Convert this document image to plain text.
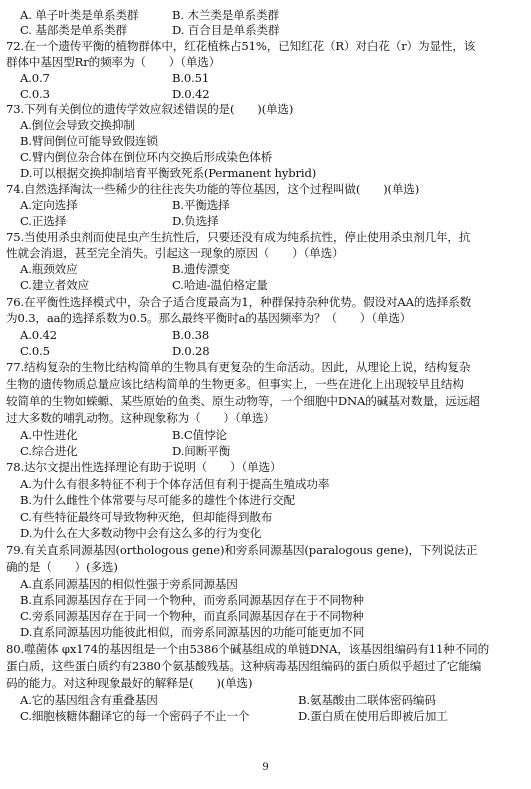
A. 单子叶类是单系类群	B. 木兰类是单系类群
C. 基部类是单系类群	D. 百合目是单系类群
72.在一个遗传平衡的植物群体中，红花植株占51%，已知红花（R）对白花（r）为显性，该
群体中基因型Rr的频率为（　　）（单选）
A.0.7	B.0.51
C.0.3	D.0.42
73.下列有关倒位的遗传学效应叙述错误的是(　　)(单选)
A.倒位会导致交换抑制
B.臂间倒位可能导致假连锁
C.臂内倒位杂合体在倒位环内交换后形成染色体桥
D.可以根据交换抑制培育平衡致死系(Permanent hybrid)
74.自然选择淘汰一些稀少的往往丧失功能的等位基因，这个过程叫做(　　)(单选)
A.定向选择	B.平衡选择
C.正选择	D.负选择
75.当使用杀虫剂而使昆虫产生抗性后，只要还没有成为纯系抗性，停止使用杀虫剂几年，抗
性就会消退，甚至完全消失。引起这一现象的原因（　　）（单选）
A.瓶颈效应	B.遗传漂变
C.建立者效应	C.哈迪-温伯格定量
76.在平衡性选择模式中，杂合子适合度最高为1，种群保持杂种优势。假设对AA的选择系数
为0.3，aa的选择系数为0.5。那么最终平衡时a的基因频率为？（　　）（单选）
A.0.42	B.0.38
C.0.5	D.0.28
77.结构复杂的生物比结构简单的生物具有更复杂的生命活动。因此，从理论上说，结构复杂
生物的遗传物质总量应该比结构简单的生物更多。但事实上，一些在进化上出现较早且结构
较简单的生物如蝾螈、某些原始的鱼类、原生动物等，一个细胞中DNA的碱基对数量，远远超
过大多数的哺乳动物。这种现象称为（　　）（单选）
A.中性进化	B.C值悖论
C.综合进化	D.间断平衡
78.达尔文提出性选择理论有助于说明（　　）（单选）
A.为什么有很多特征不利于个体存活但有利于提高生殖成功率
B.为什么雌性个体常要与尽可能多的雄性个体进行交配
C.有些特征最终可导致物种灭绝，但却能得到散布
D.为什么在大多数动物中会有这么多的行为变化
79.有关直系同源基因(orthologous gene)和旁系同源基因(paralogous gene)，下列说法正
确的是（　　）(多选)
A.直系同源基因的相似性强于旁系同源基因
B.直系同源基因存在于同一个物种，而旁系同源基因存在于不同物种
C.旁系同源基因存在于同一个物种，而直系同源基因存在于不同物种
D.直系同源基因功能彼此相似，而旁系同源基因的功能可能更加不同
80.噬菌体 φx174的基因组是一个由5386个碱基组成的单链DNA，该基因组编码有11种不同的
蛋白质，这些蛋白质约有2380个氨基酸残基。这种病毒基因组编码的蛋白质似乎超过了它能编
码的能力。对这种现象最好的解释是(　　)(单选)
A.它的基因组含有重叠基因	B.氨基酸由二联体密码编码
C.细胞核糖体翻译它的每一个密码子不止一个	D.蛋白质在使用后即被后加工
9
